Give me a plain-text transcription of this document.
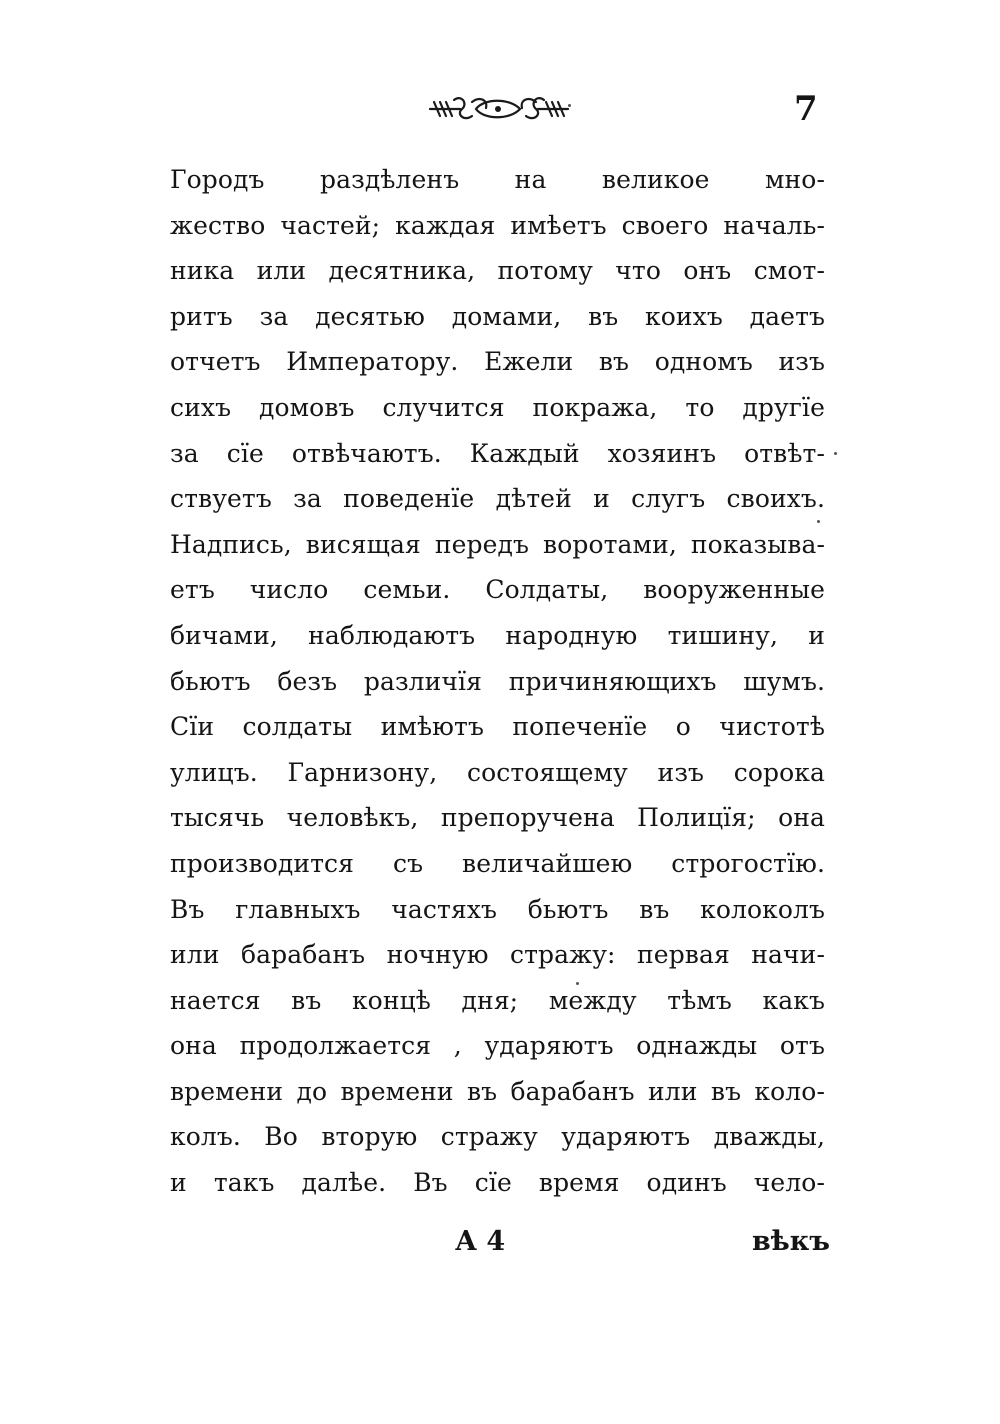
7
Городъ раздѣленъ на великое мно-
жество частей; каждая имѣетъ своего началь-
ника или десятника, потому что онъ смот-
ритъ за десятью домами, въ коихъ даетъ
отчетъ Императору. Ежели въ одномъ изъ
сихъ домовъ случится покража, то другїе
за сїе отвѣчаютъ. Каждый хозяинъ отвѣт-
ствуетъ за поведенїе дѣтей и слугъ своихъ.
Надпись, висящая передъ воротами, показыва-
етъ число семьи. Солдаты, вооруженные
бичами, наблюдаютъ народную тишину, и
бьютъ безъ различїя причиняющихъ шумъ.
Сїи солдаты имѣютъ попеченїе о чистотѣ
улицъ. Гарнизону, состоящему изъ сорока
тысячь человѣкъ, препоручена Полицїя; она
производится съ величайшею строгостїю.
Въ главныхъ частяхъ бьютъ въ колоколъ
или барабанъ ночную стражу: первая начи-
нается въ концѣ дня; между тѣмъ какъ
она продолжается , ударяютъ однажды отъ
времени до времени въ барабанъ или въ коло-
колъ. Во вторую стражу ударяютъ дважды,
и такъ далѣе. Въ сїе время одинъ чело-
А 4	вѣкъ
